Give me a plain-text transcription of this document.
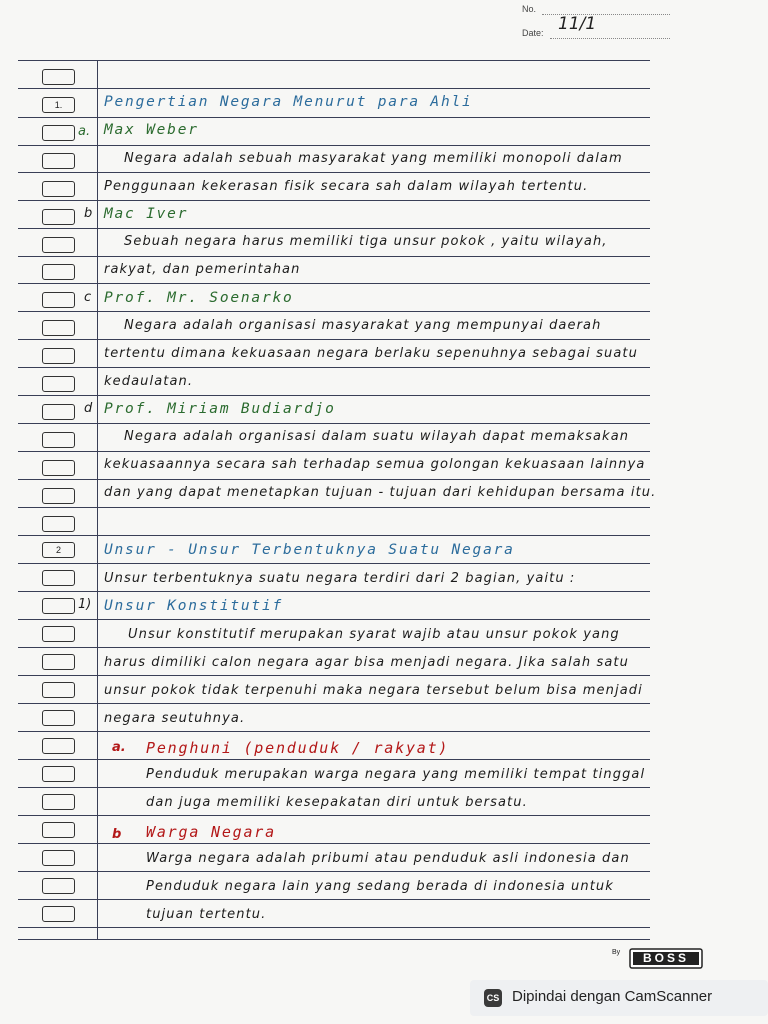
No.
Date: 11/1
1.
2
a.
b
c
d
1)
a.
b
Pengertian Negara Menurut para Ahli
Max Weber
Negara adalah sebuah masyarakat yang memiliki monopoli dalam
Penggunaan kekerasan fisik secara sah dalam wilayah tertentu.
Mac Iver
Sebuah negara harus memiliki tiga unsur pokok , yaitu wilayah,
rakyat, dan pemerintahan
Prof. Mr. Soenarko
Negara adalah organisasi masyarakat yang mempunyai daerah
tertentu dimana kekuasaan negara berlaku sepenuhnya sebagai suatu
kedaulatan.
Prof. Miriam Budiardjo
Negara adalah organisasi dalam suatu wilayah dapat memaksakan
kekuasaannya secara sah terhadap semua golongan kekuasaan lainnya
dan yang dapat menetapkan tujuan - tujuan dari kehidupan bersama itu.
Unsur - Unsur Terbentuknya Suatu Negara
Unsur terbentuknya suatu negara terdiri dari 2 bagian, yaitu :
Unsur Konstitutif
Unsur konstitutif merupakan syarat wajib atau unsur pokok yang
harus dimiliki calon negara agar bisa menjadi negara. Jika salah satu
unsur pokok tidak terpenuhi maka negara tersebut belum bisa menjadi
negara seutuhnya.
Penghuni (penduduk / rakyat)
Penduduk merupakan warga negara yang memiliki tempat tinggal
dan juga memiliki kesepakatan diri untuk bersatu.
Warga Negara
Warga negara adalah pribumi atau penduduk asli indonesia dan
Penduduk negara lain yang sedang berada di indonesia untuk
tujuan tertentu.
By	BOSS
CS Dipindai dengan CamScanner
